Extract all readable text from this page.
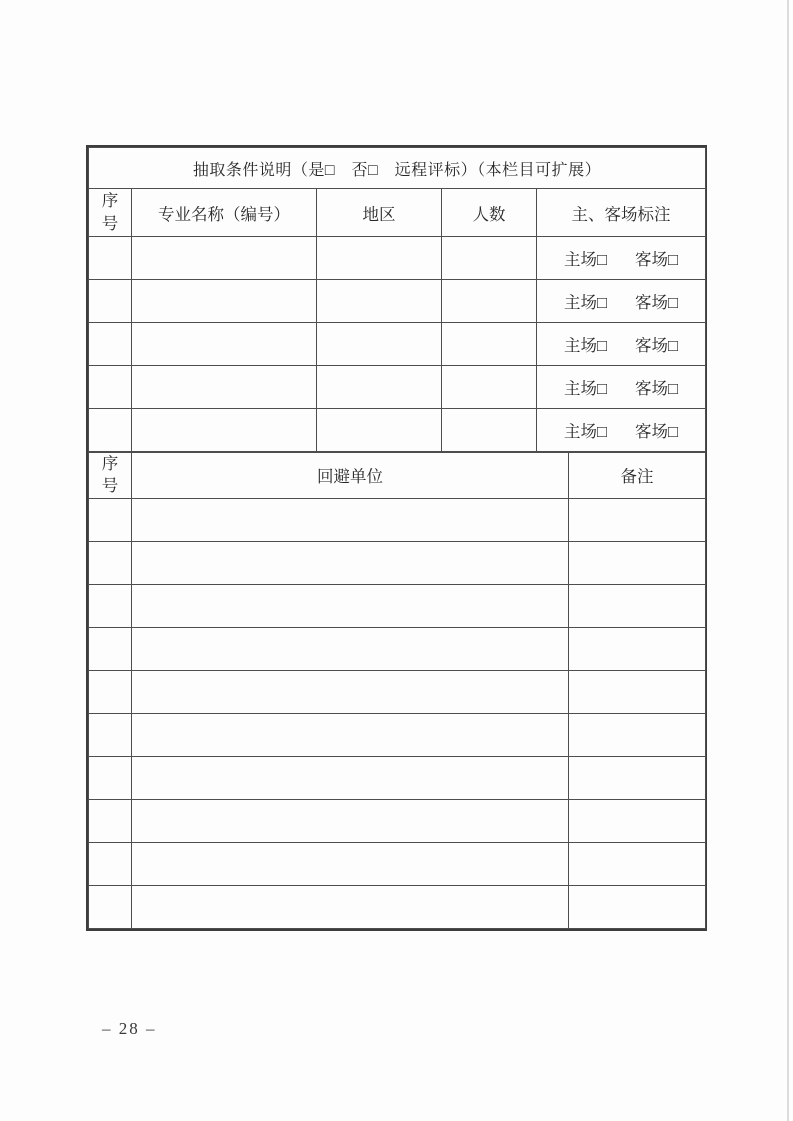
抽取条件说明（是□　否□　远程评标）（本栏目可扩展）				
序号	专业名称（编号）	地区	人数	主、客场标注

				主场□ 客场□

				主场□ 客场□

				主场□ 客场□

				主场□ 客场□

				主场□ 客场□
序号	回避单位	备注

– 28 –
